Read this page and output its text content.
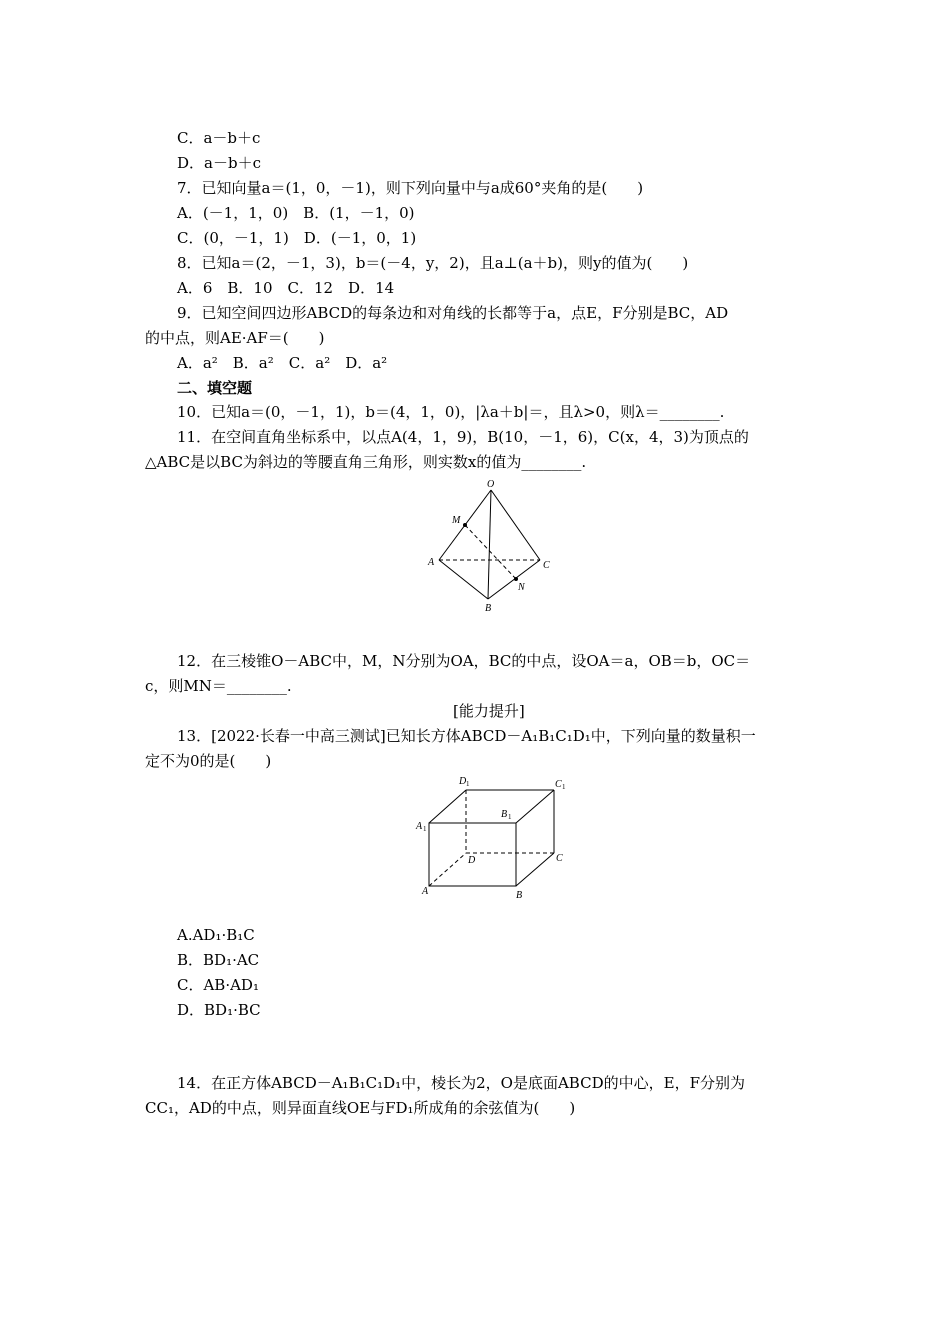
C．a－b＋c
D．a－b＋c
7．已知向量a＝(1，0，－1)，则下列向量中与a成60°夹角的是(　　)
A．(－1，1，0)　B．(1，－1，0)
C．(0，－1，1)　D．(－1，0，1)
8．已知a＝(2，－1，3)，b＝(－4，y，2)，且a⊥(a＋b)，则y的值为(　　)
A．6　B．10　C．12　D．14
9．已知空间四边形ABCD的每条边和对角线的长都等于a，点E，F分别是BC，AD
的中点，则AE·AF＝(　　)
A．a²　B．a²　C．a²　D．a²
二、填空题
10．已知a＝(0，－1，1)，b＝(4，1，0)，|λa＋b|＝，且λ>0，则λ＝________.
11．在空间直角坐标系中，以点A(4，1，9)，B(10，－1，6)，C(x，4，3)为顶点的
△ABC是以BC为斜边的等腰直角三角形，则实数x的值为________.
O
M
A	C
N
B
12．在三棱锥O－ABC中，M，N分别为OA，BC的中点，设OA＝a，OB＝b，OC＝
c，则MN＝________.
[能力提升]
13．[2022·长春一中高三测试]已知长方体ABCD－A₁B₁C₁D₁中，下列向量的数量积一
定不为0的是(　　)
D 1	C 1
A 1
B 1
D	C
A	B
A.AD₁·B₁C
B．BD₁·AC
C．AB·AD₁
D．BD₁·BC
14．在正方体ABCD－A₁B₁C₁D₁中，棱长为2，O是底面ABCD的中心，E，F分别为
CC₁，AD的中点，则异面直线OE与FD₁所成角的余弦值为(　　)
